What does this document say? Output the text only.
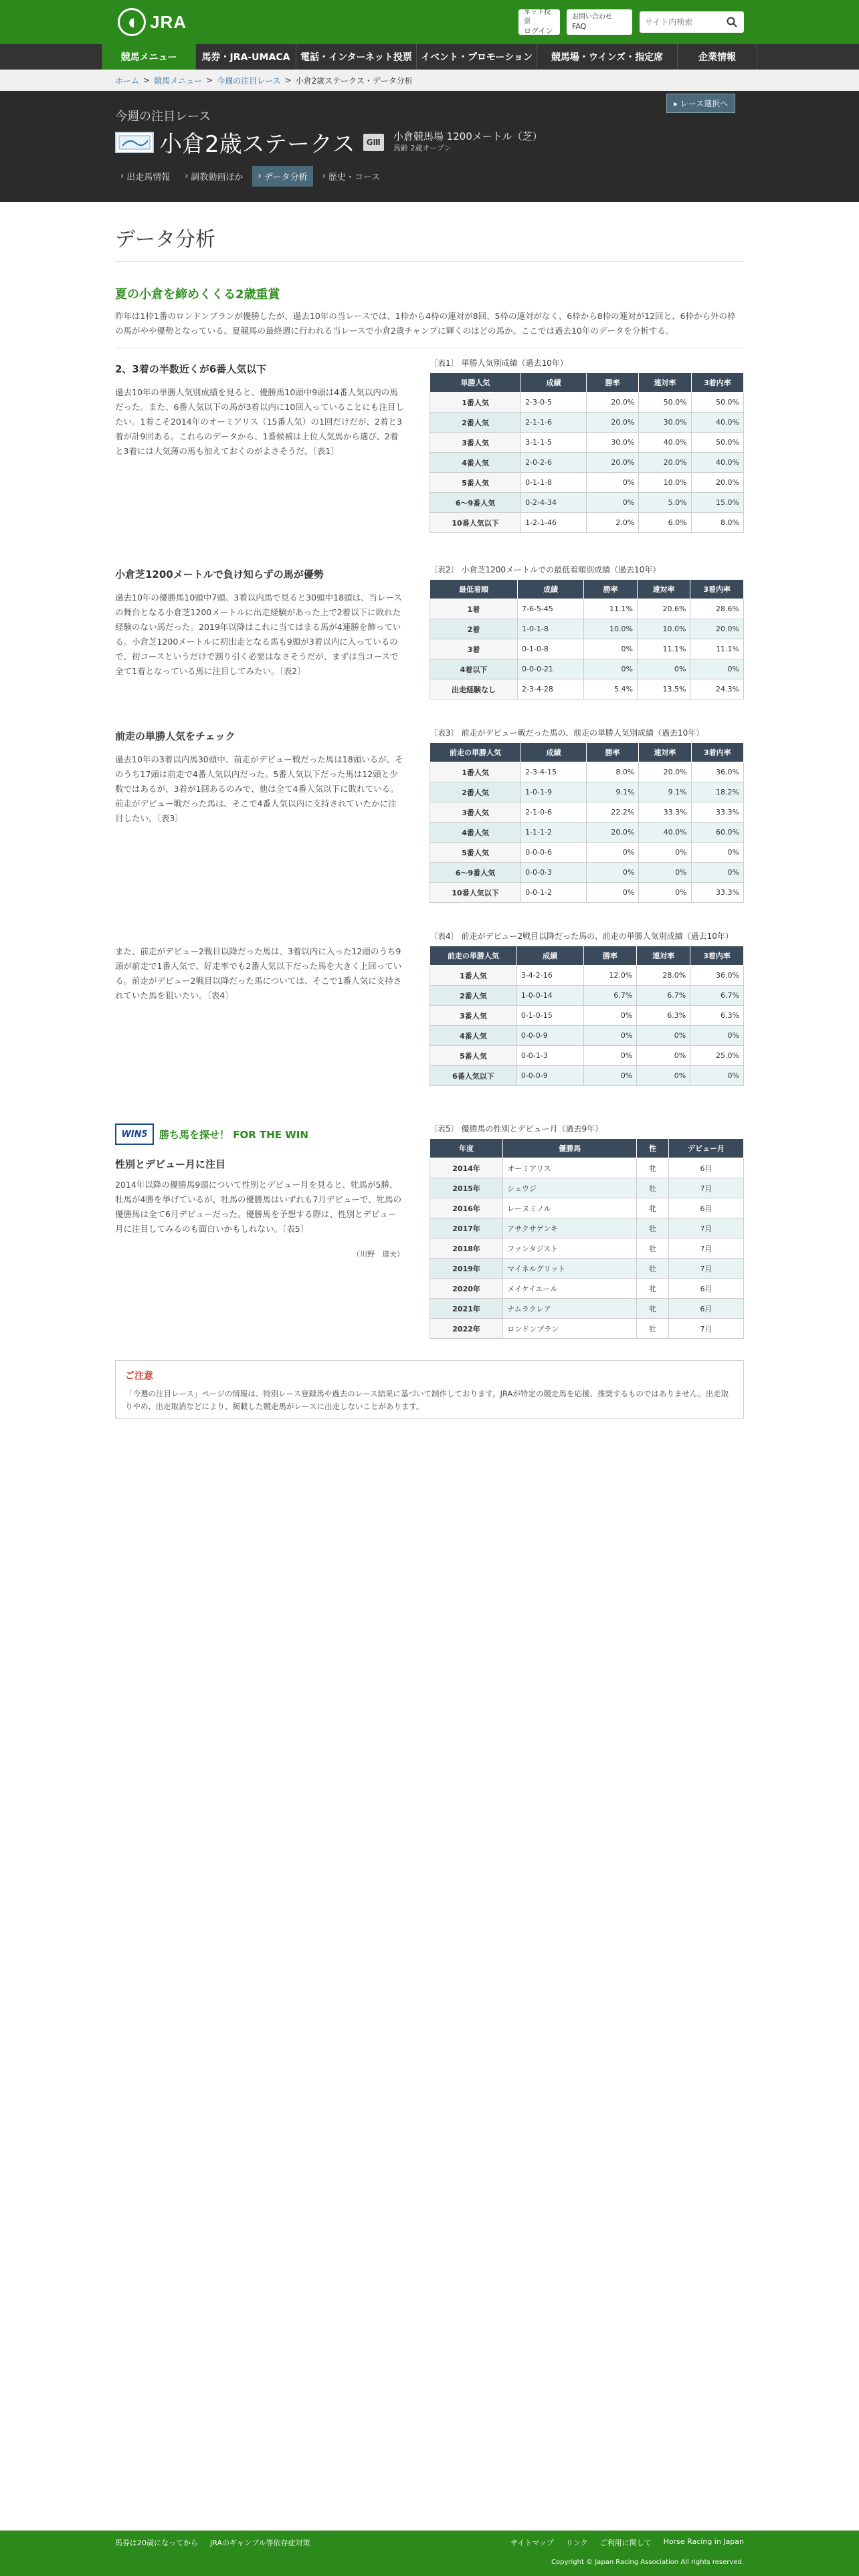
◖ JRA	ネット投票
ログイン
お問い合わせ
FAQ
サイト内検索
競馬メニュー	馬券・JRA-UMACA	電話・インターネット投票 イベント・プロモーション	競馬場・ウインズ・指定席	企業情報
ホーム > 競馬メニュー > 今週の注目レース > 小倉2歳ステークス・データ分析
▸ レース選択へ
今週の注目レース
小倉2歳ステークス	GⅢ	小倉競馬場 1200メートル（芝）
馬齢 2歳オープン
› 出走馬情報 › 調教動画ほか › データ分析 › 歴史・コース
データ分析
夏の小倉を締めくくる2歳重賞
昨年は1枠1番のロンドンプランが優勝したが、過去10年の当レースでは、1枠から4枠の連対が8回、5枠の連対がなく、6枠から8枠の連対が12回と、6枠から外の枠の馬がやや優勢となっている。夏競馬の最終週に行われる当レースで小倉2歳チャンプに輝くのはどの馬か。ここでは過去10年のデータを分析する。
2、3着の半数近くが6番人気以下

過去10年の単勝人気別成績を見ると、優勝馬10頭中9頭は4番人気以内の馬だった。また、6番人気以下の馬が3着以内に10回入っていることにも注目したい。1着こそ2014年のオーミアリス（15番人気）の1回だけだが、2着と3着が計9回ある。これらのデータから、1番候補は上位人気馬から選び、2着と3着には人気薄の馬も加えておくのがよさそうだ。〔表1〕

〔表1〕 単勝人気別成績（過去10年）
単勝人気	成績	勝率	連対率	3着内率
1番人気	2-3-0-5	20.0%	50.0%	50.0%
2番人気	2-1-1-6	20.0%	30.0%	40.0%
3番人気	3-1-1-5	30.0%	40.0%	50.0%
4番人気	2-0-2-6	20.0%	20.0%	40.0%
5番人気	0-1-1-8	0%	10.0%	20.0%
6〜9番人気	0-2-4-34	0%	5.0%	15.0%
10番人気以下	1-2-1-46	2.0%	6.0%	8.0%
小倉芝1200メートルで負け知らずの馬が優勢

過去10年の優勝馬10頭中7頭、3着以内馬で見ると30頭中18頭は、当レースの舞台となる小倉芝1200メートルに出走経験があった上で2着以下に敗れた経験のない馬だった。2019年以降はこれに当てはまる馬が4連勝を飾っている。小倉芝1200メートルに初出走となる馬も9頭が3着以内に入っているので、初コースというだけで割り引く必要はなさそうだが、まずは当コースで全て1着となっている馬に注目してみたい。〔表2〕

〔表2〕 小倉芝1200メートルでの最低着順別成績（過去10年）
最低着順	成績	勝率	連対率	3着内率
1着	7-6-5-45	11.1%	20.6%	28.6%
2着	1-0-1-8	10.0%	10.0%	20.0%
3着	0-1-0-8	0%	11.1%	11.1%
4着以下	0-0-0-21	0%	0%	0%
出走経験なし	2-3-4-28	5.4%	13.5%	24.3%
前走の単勝人気をチェック

過去10年の3着以内馬30頭中、前走がデビュー戦だった馬は18頭いるが、そのうち17頭は前走で4番人気以内だった。5番人気以下だった馬は12頭と少数ではあるが、3着が1回あるのみで、他は全て4番人気以下に敗れている。前走がデビュー戦だった馬は、そこで4番人気以内に支持されていたかに注目したい。〔表3〕

〔表3〕 前走がデビュー戦だった馬の、前走の単勝人気別成績（過去10年）
前走の単勝人気	成績	勝率	連対率	3着内率
1番人気	2-3-4-15	8.0%	20.0%	36.0%
2番人気	1-0-1-9	9.1%	9.1%	18.2%
3番人気	2-1-0-6	22.2%	33.3%	33.3%
4番人気	1-1-1-2	20.0%	40.0%	60.0%
5番人気	0-0-0-6	0%	0%	0%
6〜9番人気	0-0-0-3	0%	0%	0%
10番人気以下	0-0-1-2	0%	0%	33.3%

また、前走がデビュー2戦目以降だった馬は、3着以内に入った12頭のうち9頭が前走で1番人気で、好走率でも2番人気以下だった馬を大きく上回っている。前走がデビュー2戦目以降だった馬については、そこで1番人気に支持されていた馬を狙いたい。〔表4〕

〔表4〕 前走がデビュー2戦目以降だった馬の、前走の単勝人気別成績（過去10年）
前走の単勝人気	成績	勝率	連対率	3着内率
1番人気	3-4-2-16	12.0%	28.0%	36.0%
2番人気	1-0-0-14	6.7%	6.7%	6.7%
3番人気	0-1-0-15	0%	6.3%	6.3%
4番人気	0-0-0-9	0%	0%	0%
5番人気	0-0-1-3	0%	0%	25.0%
6番人気以下	0-0-0-9	0%	0%	0%
WIN5	勝ち馬を探せ！ FOR THE WIN
性別とデビュー月に注目

2014年以降の優勝馬9頭について性別とデビュー月を見ると、牝馬が5勝、牡馬が4勝を挙げているが、牡馬の優勝馬はいずれも7月デビューで、牝馬の優勝馬は全て6月デビューだった。優勝馬を予想する際は、性別とデビュー月に注目してみるのも面白いかもしれない。〔表5〕

（川野　道夫）
〔表5〕 優勝馬の性別とデビュー月（過去9年）
年度	優勝馬	性	デビュー月
2014年	オーミアリス	牝	6月
2015年	シュウジ	牡	7月
2016年	レーヌミノル	牝	6月
2017年	アサクサゲンキ	牡	7月
2018年	ファンタジスト	牡	7月
2019年	マイネルグリット	牡	7月
2020年	メイケイエール	牝	6月
2021年	ナムラクレア	牝	6月
2022年	ロンドンプラン	牡	7月
ご注意

「今週の注目レース」ページの情報は、特別レース登録馬や過去のレース結果に基づいて制作しております。JRAが特定の競走馬を応援、推奨するものではありません。出走取りやめ、出走取消などにより、掲載した競走馬がレースに出走しないことがあります。

馬券は20歳になってから JRAのギャンブル等依存症対策	サイトマップ リンク ご利用に関して Horse Racing in Japan
Copyright © Japan Racing Association All rights reserved.
